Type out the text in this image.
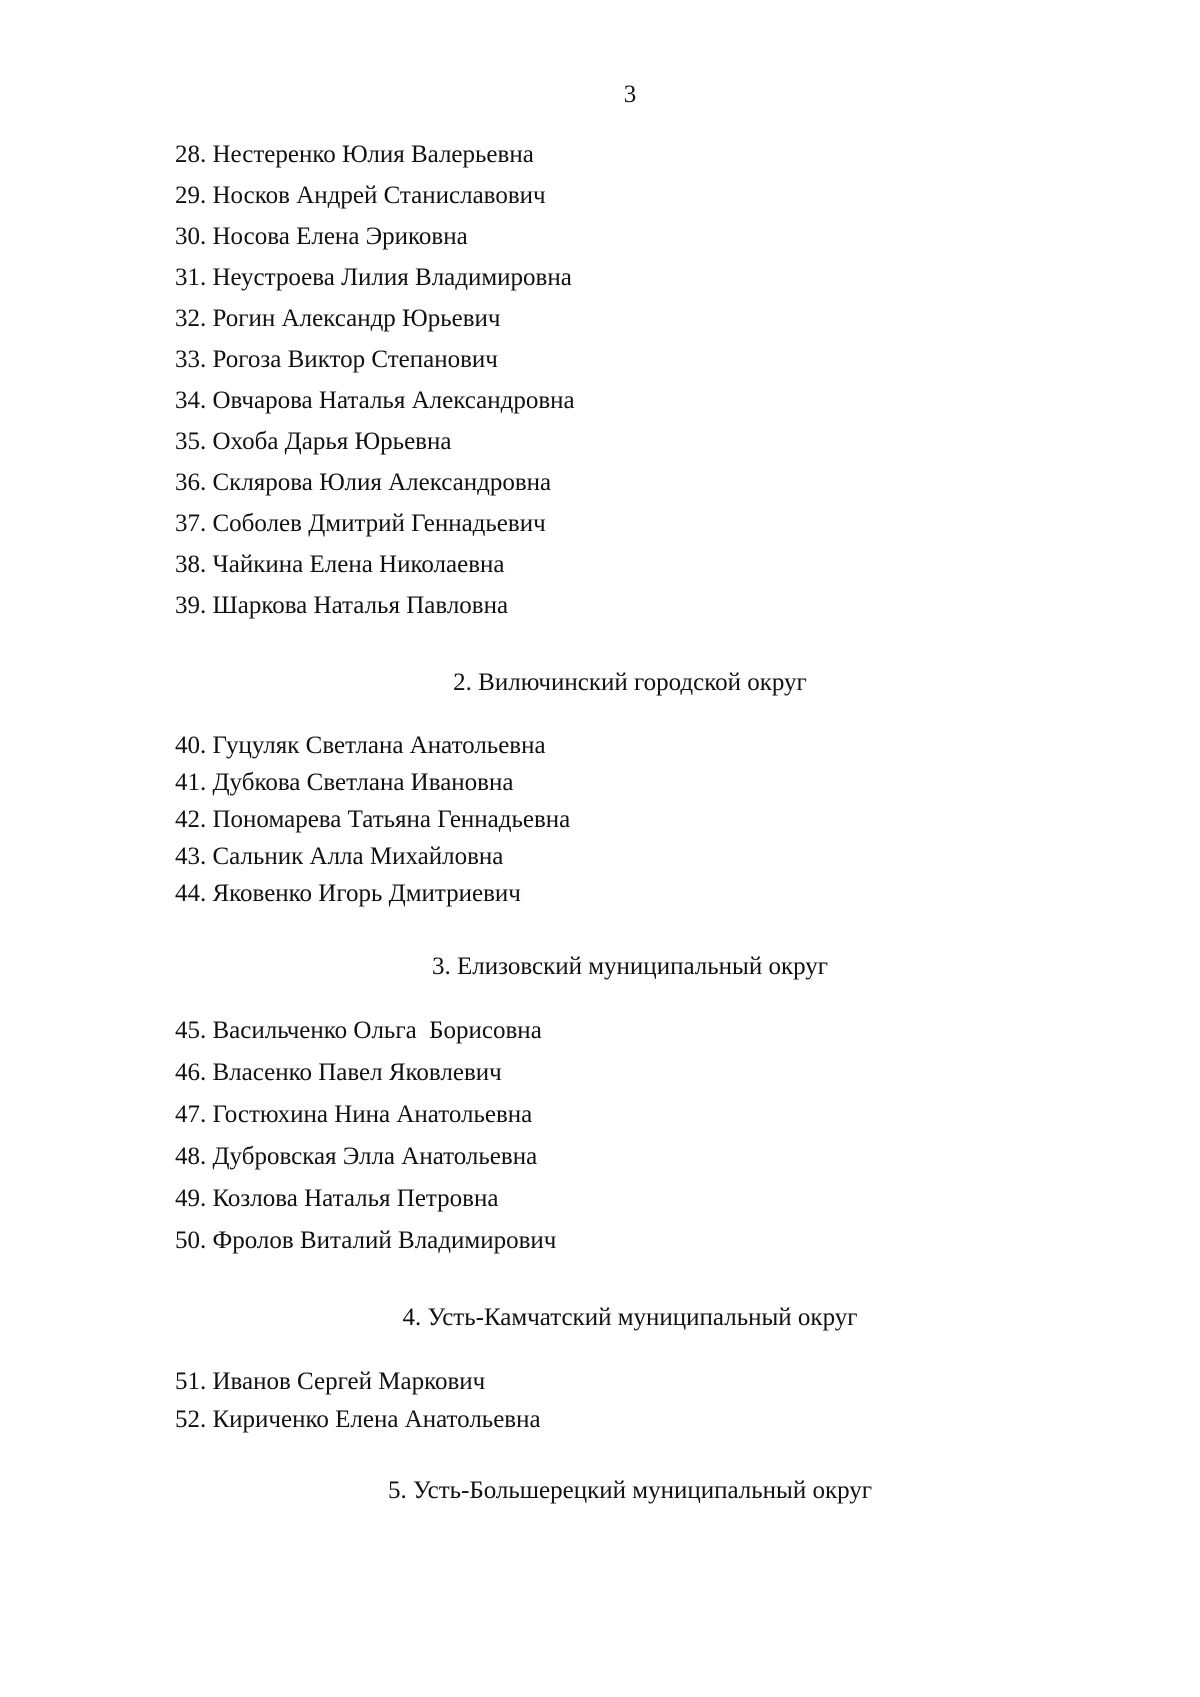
3
28. Нестеренко Юлия Валерьевна
29. Носков Андрей Станиславович
30. Носова Елена Эриковна
31. Неустроева Лилия Владимировна
32. Рогин Александр Юрьевич
33. Рогоза Виктор Степанович
34. Овчарова Наталья Александровна
35. Охоба Дарья Юрьевна
36. Склярова Юлия Александровна
37. Соболев Дмитрий Геннадьевич
38. Чайкина Елена Николаевна
39. Шаркова Наталья Павловна
2. Вилючинский городской округ
40. Гуцуляк Светлана Анатольевна
41. Дубкова Светлана Ивановна
42. Пономарева Татьяна Геннадьевна
43. Сальник Алла Михайловна
44. Яковенко Игорь Дмитриевич
3. Елизовский муниципальный округ
45. Васильченко Ольга  Борисовна
46. Власенко Павел Яковлевич
47. Гостюхина Нина Анатольевна
48. Дубровская Элла Анатольевна
49. Козлова Наталья Петровна
50. Фролов Виталий Владимирович
4. Усть-Камчатский муниципальный округ
51. Иванов Сергей Маркович
52. Кириченко Елена Анатольевна
5. Усть-Большерецкий муниципальный округ
